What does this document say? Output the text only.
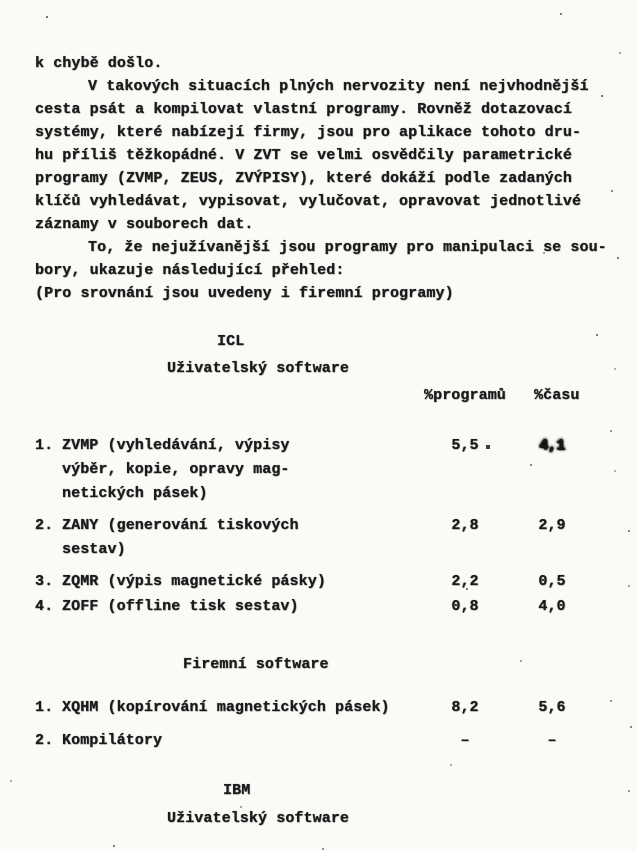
k chybě došlo.
V takových situacích plných nervozity není nejvhodnější
cesta psát a kompilovat vlastní programy. Rovněž dotazovací
systémy, které nabízejí firmy, jsou pro aplikace tohoto dru-
hu příliš těžkopádné. V ZVT se velmi osvědčily parametrické
programy (ZVMP, ZEUS, ZVÝPISY), které dokáží podle zadaných
klíčů vyhledávat, vypisovat, vylučovat, opravovat jednotlivé
záznamy v souborech dat.
To, že nejužívanější jsou programy pro manipulaci se sou-
bory, ukazuje následující přehled:
(Pro srovnání jsou uvedeny i firemní programy)
ICL
Uživatelský software
%programů %času
1. ZVMP (vyhledávání, výpisy
výběr, kopie, opravy mag-
netických pásek)
5,5	4,1
2. ZANY (generování tiskových
sestav)
2,8	2,9
3. ZQMR (výpis magnetické pásky)	2,2	0,5
4. ZOFF (offline tisk sestav)	0,8	4,0
Firemní software
1. XQHM (kopírování magnetických pásek)	8,2	5,6
2. Kompilátory	–	–
IBM
Uživatelský software
